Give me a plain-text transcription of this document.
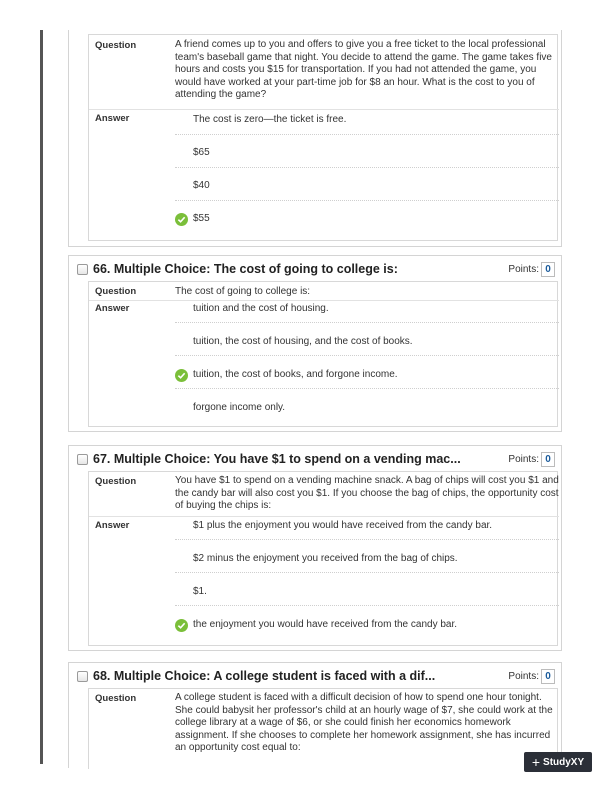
Question	A friend comes up to you and offers to give you a free ticket to the local professional team's baseball game that night. You decide to attend the game. The game takes five hours and costs you $15 for transportation. If you had not attended the game, you would have worked at your part-time job for $8 an hour. What is the cost to you of attending the game?
Answer	The cost is zero—the ticket is free.
$65
$40
$55
66. Multiple Choice: The cost of going to college is:	Points: 0
Question	The cost of going to college is:
Answer	tuition and the cost of housing.
tuition, the cost of housing, and the cost of books.
tuition, the cost of books, and forgone income.
forgone income only.
67. Multiple Choice: You have $1 to spend on a vending mac...	Points: 0
Question	You have $1 to spend on a vending machine snack. A bag of chips will cost you $1 and the candy bar will also cost you $1. If you choose the bag of chips, the opportunity cost of buying the chips is:
Answer	$1 plus the enjoyment you would have received from the candy bar.
$2 minus the enjoyment you received from the bag of chips.
$1.
the enjoyment you would have received from the candy bar.
68. Multiple Choice: A college student is faced with a dif...	Points: 0
Question	A college student is faced with a difficult decision of how to spend one hour tonight. She could babysit her professor's child at an hourly wage of $7, she could work at the college library at a wage of $6, or she could finish her economics homework assignment. If she chooses to complete her homework assignment, she has incurred an opportunity cost equal to:
+ StudyXY
